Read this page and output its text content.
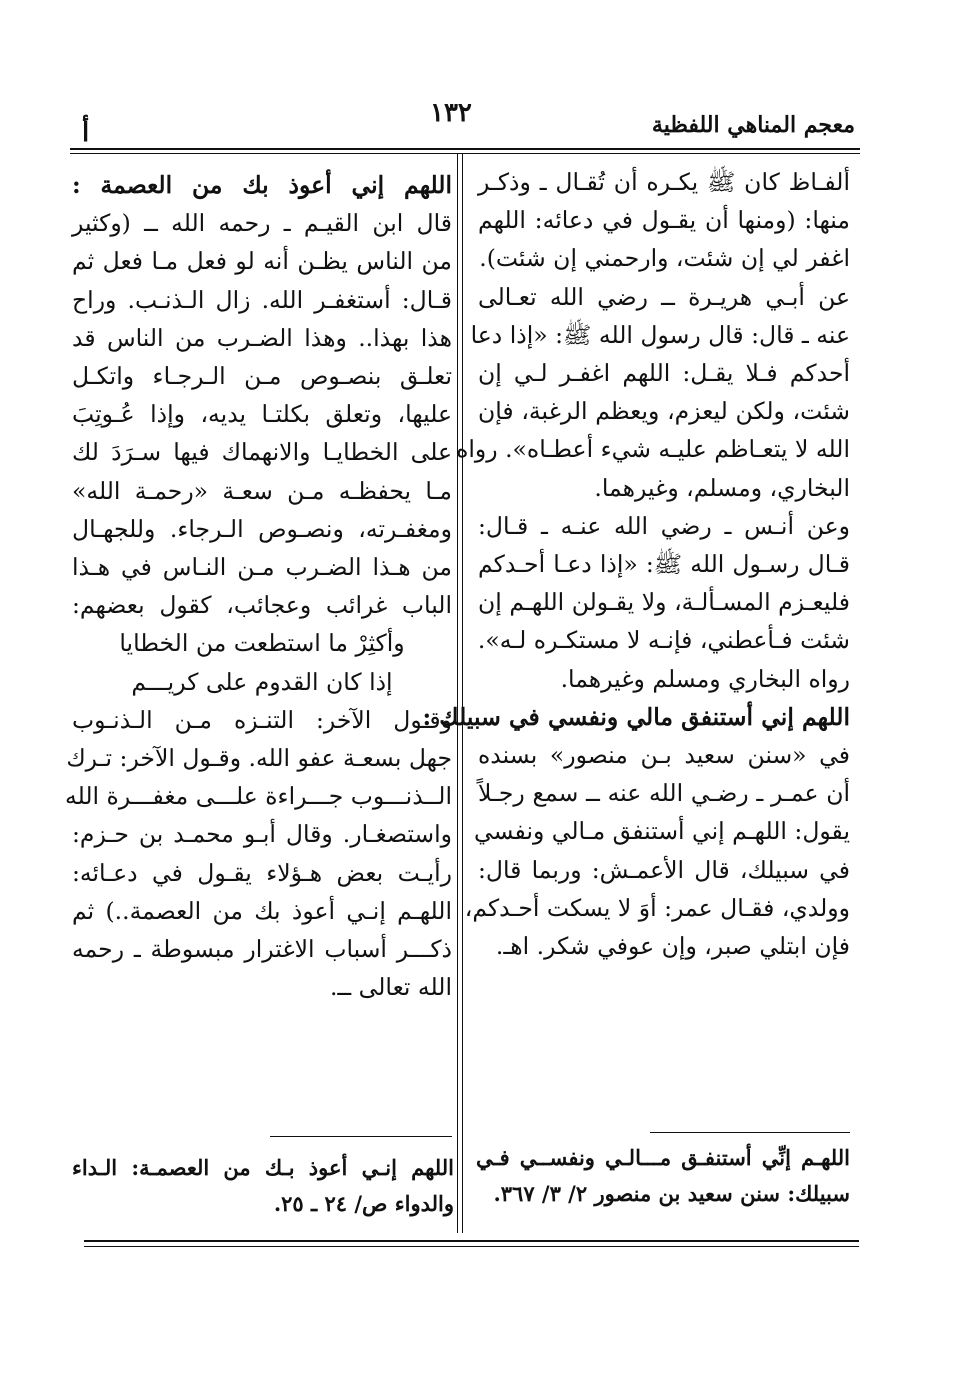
معجم المناهي اللفظية
١٣٢
أ
ألفـاظ كان ﷺ يكـره أن تُقـال ـ وذكـر
منها: (ومنها أن يقـول في دعائه: اللهم
اغفر لي إن شئت، وارحمني إن شئت).
عن أبـي هريـرة ــ رضي الله تعـالى
عنه ـ قال: قال رسول الله ﷺ: «إذا دعا
أحدكم فـلا يقـل: اللهم اغفـر لـي إن
شئت، ولكن ليعزم، ويعظم الرغبة، فإن
الله لا يتعـاظم عليـه شيء أعطـاه». رواه
البخاري، ومسلم، وغيرهما.
وعن أنـس ـ رضي الله عنـه ـ قـال:
قـال رسـول الله ﷺ: «إذا دعـا أحـدكم
فليعـزم المسـألـة، ولا يقـولن اللهـم إن
شئت فـأعطني، فإنـه لا مستكـره لـه».
رواه البخاري ومسلم وغيرهما.
اللهم إني أستنفق مالي ونفسي في سبيلك :
في «سنن سعيد بـن منصور» بسنده
أن عمـر ـ رضـي الله عنه ــ سمع رجـلاً
يقول: اللهـم إني أستنفق مـالي ونفسي
في سبيلك، قال الأعمـش: وربما قال:
وولدي، فقـال عمر: أوَ لا يسكت أحـدكم،
فإن ابتلي صبر، وإن عوفي شكر. اهـ.
اللهم إني أعوذ بك من العصمة :
قال ابن القيـم ـ رحمه الله ــ (وكثير
من الناس يظـن أنه لو فعل مـا فعل ثم
قـال: أستغفـر الله. زال الـذنـب. وراح
هذا بهذا.. وهذا الضـرب من الناس قد
تعلـق بنصـوص مـن الـرجـاء واتكـل
عليها، وتعلق بكلتـا يديه، وإذا عُـوتِبَ
على الخطايـا والانهماك فيها سـرَدَ لك
مـا يحفظـه مـن سعـة «رحمـة الله»
ومغفـرته، ونصـوص الـرجاء. وللجهـال
من هـذا الضـرب مـن النـاس في هـذا
الباب غرائب وعجائب، كقول بعضهم:
وأكثِرْ ما استطعت من الخطايا
إذا كان القدوم على كريـــم
وقـول الآخر: التنـزه مـن الـذنـوب
جهل بسعـة عفو الله. وقـول الآخر: تـرك
الــذنـــوب جـــراءة علـــى مغفـــرة الله
واستصغـار. وقال أبـو محمـد بن حـزم:
رأيـت بعض هـؤلاء يقـول في دعـائه:
اللهـم إنـي أعوذ بك من العصمة..) ثم
ذكـــر أسباب الاغترار مبسوطة ـ رحمه
الله تعالى ــ.
اللهـم إنِّي أستنفـق مـــالـي ونفســي فـي
سبيلك: سنن سعيد بن منصور ٢/ ٣/ ٣٦٧.
اللهم إنـي أعوذ بـك من العصمـة: الـداء
والدواء ص/ ٢٤ ـ ٢٥.
